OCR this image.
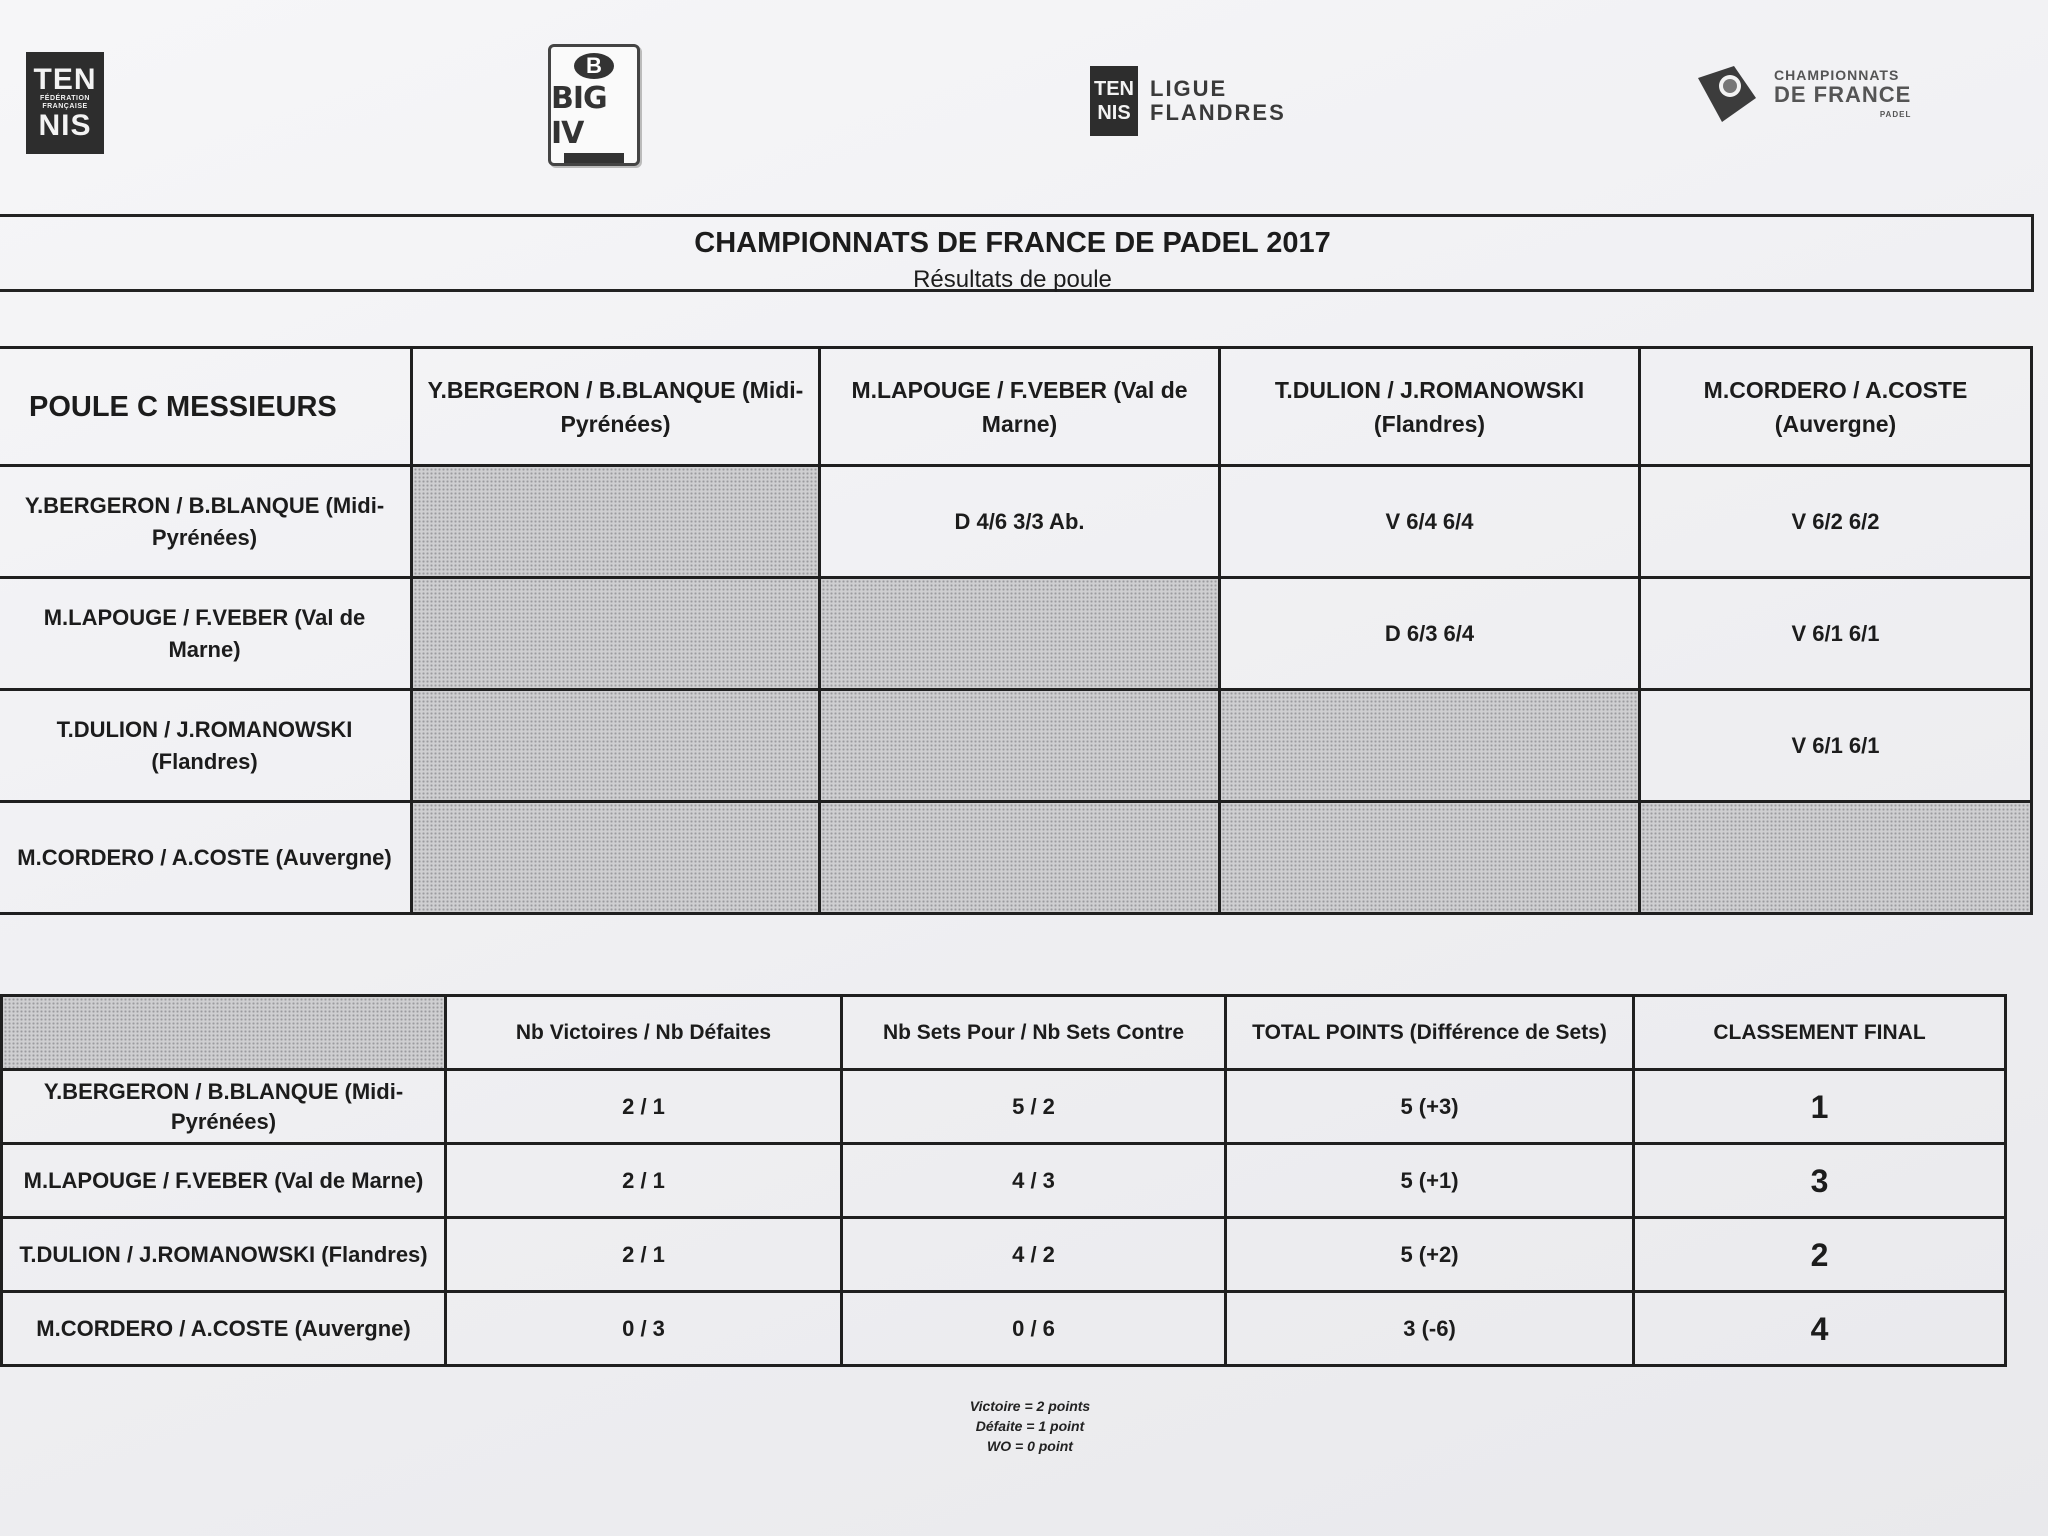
TEN
FÉDÉRATION FRANÇAISE
NIS
B
BIG IV
TEN
NIS
LIGUE
FLANDRES
CHAMPIONNATS
DE FRANCE
PADEL
CHAMPIONNATS DE FRANCE DE PADEL 2017
Résultats de poule
POULE C MESSIEURS	Y.BERGERON / B.BLANQUE (Midi-Pyrénées)	M.LAPOUGE / F.VEBER (Val de Marne)	T.DULION / J.ROMANOWSKI (Flandres)	M.CORDERO / A.COSTE (Auvergne)
Y.BERGERON / B.BLANQUE (Midi-Pyrénées)		D 4/6 3/3 Ab.	V 6/4 6/4	V 6/2 6/2
M.LAPOUGE / F.VEBER (Val de Marne)			D 6/3 6/4	V 6/1 6/1
T.DULION / J.ROMANOWSKI (Flandres)				V 6/1 6/1
M.CORDERO / A.COSTE (Auvergne)				
	Nb Victoires / Nb Défaites	Nb Sets Pour / Nb Sets Contre	TOTAL POINTS (Différence de Sets)	CLASSEMENT FINAL
Y.BERGERON / B.BLANQUE (Midi-Pyrénées)	2 / 1	5 / 2	5 (+3)	1
M.LAPOUGE / F.VEBER (Val de Marne)	2 / 1	4 / 3	5 (+1)	3
T.DULION / J.ROMANOWSKI (Flandres)	2 / 1	4 / 2	5 (+2)	2
M.CORDERO / A.COSTE (Auvergne)	0 / 3	0 / 6	3 (-6)	4
Victoire = 2 points
Défaite = 1 point
WO = 0 point
